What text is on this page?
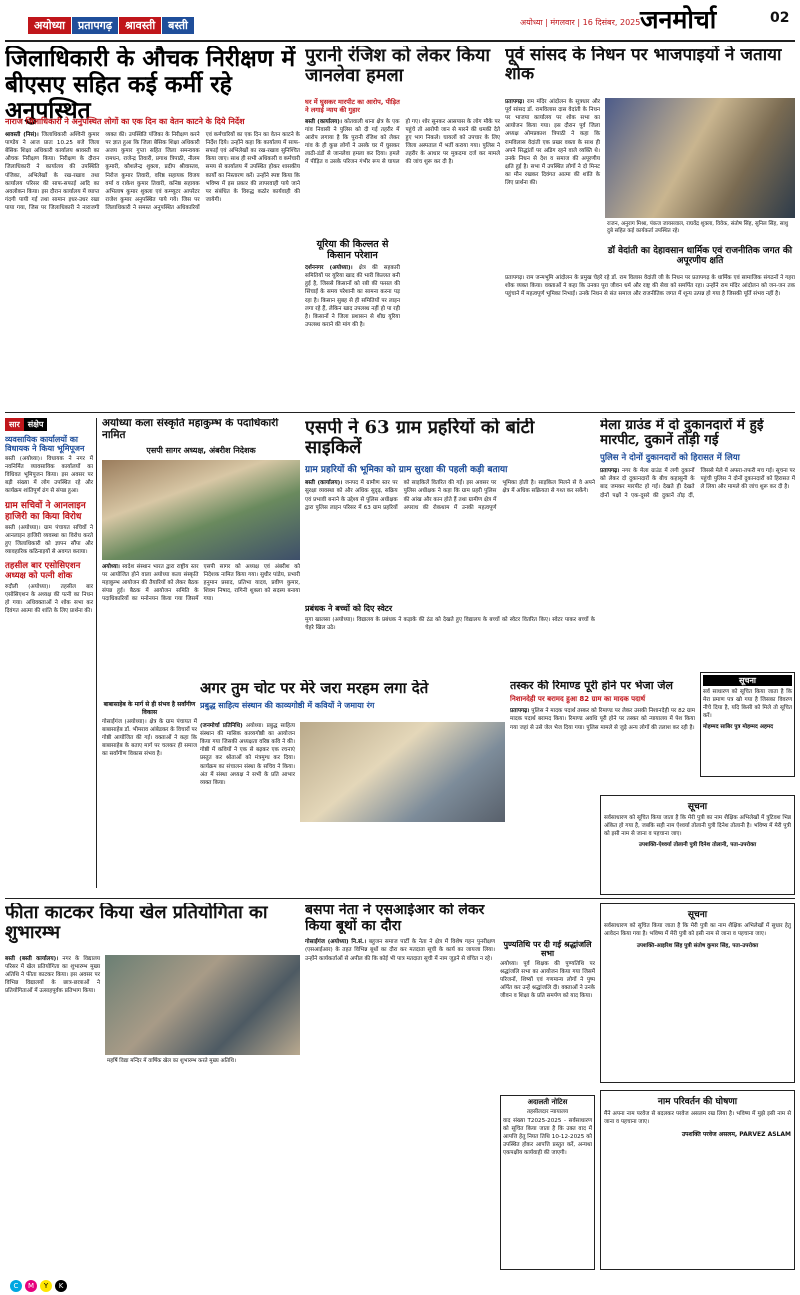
अयोध्या प्रतापगढ़ श्रावस्ती बस्ती	अयोध्या | मंगलवार | 16 दिसंबर, 2025 जनमोर्चा	02
जिलाधिकारी के औचक निरीक्षण में बीएसए सहित कई कर्मी रहे अनुपस्थित
नाराज जिलाधिकारी ने अनुपस्थित लोगों का एक दिन का वेतन काटने के दिये निर्देश
श्रावस्ती (निसं)। जिलाधिकारी अश्विनी कुमार पाण्डेय ने आज प्रातः 10.25 बजे जिला बेसिक शिक्षा अधिकारी कार्यालय श्रावस्ती का औचक निरीक्षण किया। निरीक्षण के दौरान जिलाधिकारी ने कार्यालय की उपस्थिति पंजिका, अभिलेखों के रख-रखाव तथा कार्यालय परिसर की साफ-सफाई आदि का अवलोकन किया। इस दौरान कार्यालय में व्याप्त गंदगी पायी गई तथा सामान इधर-उधर रखा पाया गया, जिस पर जिलाधिकारी ने नाराजगी व्यक्त की। उपस्थिति पंजिका के निरीक्षण करने पर ज्ञात हुआ कि जिला बेसिक शिक्षा अधिकारी अजय कुमार गुप्ता सहित जिला समन्वयक रामधन, राजेन्द्र तिवारी, प्रगाथ त्रिपाठी, नीलम कुमारी, कौशलेन्द्र शुक्ला, प्रदीप श्रीवास्तव, निरोज कुमार तिवारी, वरिष्ठ सहायक विजय वर्मा व राकेश कुमार तिवारी, कनिष्ठ सहायक अभिलाष कुमार शुक्ला एवं कम्प्यूटर आपरेटर राजेश कुमार अनुपस्थित पाये गये। जिस पर जिलाधिकारी ने समस्त अनुपस्थित अधिकारियों एवं कर्मचारियों का एक दिन का वेतन काटने के निर्देश दिये। उन्होंने कहा कि कार्यालय में साफ-सफाई एवं अभिलेखों का रख-रखाव सुनिश्चित किया जाए। साथ ही सभी अधिकारी व कर्मचारी समय से कार्यालय में उपस्थित होकर शासकीय कार्यों का निस्तारण करें। उन्होंने स्पष्ट किया कि भविष्य में इस प्रकार की लापरवाही पाये जाने पर संबंधित के विरुद्ध कठोर कार्यवाही की जायेगी।
पुरानी रंजिश को लेकर किया जानलेवा हमला
घर में घुसकर मारपीट का आरोप, पीड़ित ने लगाई न्याय की गुहार
बस्ती (कार्यालय)। कोतवाली थाना क्षेत्र के एक गांव निवासी ने पुलिस को दी गई तहरीर में आरोप लगाया है कि पुरानी रंजिश को लेकर गांव के ही कुछ लोगों ने उसके घर में घुसकर लाठी-डंडों से जानलेवा हमला कर दिया। हमले में पीड़ित व उसके परिजन गंभीर रूप से घायल हो गए। शोर सुनकर आसपास के लोग मौके पर पहुंचे तो आरोपी जान से मारने की धमकी देते हुए भाग निकले। घायलों को उपचार के लिए जिला अस्पताल में भर्ती कराया गया। पुलिस ने तहरीर के आधार पर मुकदमा दर्ज कर मामले की जांच शुरू कर दी है।
यूरिया की किल्लत से किसान परेशान
दर्शननगर (अयोध्या)। क्षेत्र की सहकारी समितियों पर यूरिया खाद की भारी किल्लत बनी हुई है, जिससे किसानों को रबी की फसल की सिंचाई के समय परेशानी का सामना करना पड़ रहा है। किसान सुबह से ही समितियों पर लाइन लगा रहे हैं, लेकिन खाद उपलब्ध नहीं हो पा रही है। किसानों ने जिला प्रशासन से शीघ्र यूरिया उपलब्ध कराने की मांग की है।
पूर्व सांसद के निधन पर भाजपाइयों ने जताया शोक
प्रतापगढ़। राम मंदिर आंदोलन के सूत्रधार और पूर्व सांसद डॉ. रामविलास दास वेदांती के निधन पर भाजपा कार्यालय पर शोक सभा का आयोजन किया गया। इस दौरान पूर्व जिला अध्यक्ष ओमप्रकाश त्रिपाठी ने कहा कि रामविलास वेदांती एक प्रखर वक्ता के साथ ही अपने सिद्धांतों पर अडिग रहने वाले व्यक्ति थे। उनके निधन से देश व समाज की अपूरणीय क्षति हुई है। सभा में उपस्थित लोगों ने दो मिनट का मौन रखकर दिवंगत आत्मा की शांति के लिए प्रार्थना की।
राजन, अनुराग मिश्रा, पंकज जायसवाल, राघवेंद्र शुक्ला, विवेक, संतोष सिंह, सुनिल सिंह, साधु दुबे सहित कई कार्यकर्ता उपस्थित रहे।
डॉ वेदांती का देहावसान धार्मिक एवं राजनीतिक जगत की अपूरणीय क्षति
प्रतापगढ़। राम जन्मभूमि आंदोलन के प्रमुख चेहरे रहे डॉ. राम विलास वेदांती जी के निधन पर प्रतापगढ़ के धार्मिक एवं सामाजिक संगठनों ने गहरा शोक व्यक्त किया। वक्ताओं ने कहा कि उनका पूरा जीवन धर्म और राष्ट्र की सेवा को समर्पित रहा। उन्होंने राम मंदिर आंदोलन को जन-जन तक पहुंचाने में महत्वपूर्ण भूमिका निभाई। उनके निधन से संत समाज और राजनीतिक जगत में शून्य उत्पन्न हो गया है जिसकी पूर्ति संभव नहीं है।
सार	संक्षेप
व्यवसायिक कार्यालयों का विधायक ने किया भूमिपूजन
बस्ती (अयोध्या)। विधायक ने नगर में नवनिर्मित व्यावसायिक कार्यालयों का विधिवत भूमिपूजन किया। इस अवसर पर बड़ी संख्या में लोग उपस्थित रहे और कार्यक्रम शांतिपूर्ण ढंग से संपन्न हुआ।
ग्राम सचिवों ने आनलाइन हाजिरी का किया विरोध
बस्ती (अयोध्या)। ग्राम पंचायत सचिवों ने आनलाइन हाजिरी व्यवस्था का विरोध करते हुए जिलाधिकारी को ज्ञापन सौंपा और व्यावहारिक कठिनाइयों से अवगत कराया।
तहसील बार एसोसिएशन अध्यक्ष को पत्नी शोक
रुदौली (अयोध्या)। तहसील बार एसोसिएशन के अध्यक्ष की पत्नी का निधन हो गया। अधिवक्ताओं ने शोक सभा कर दिवंगत आत्मा की शांति के लिए प्रार्थना की।
अयोध्या कला संस्कृति महाकुम्भ के पदाधिकारी नामित
एसपी सागर अध्यक्ष, अंबरीश निदेशक
अयोध्या। स्वदेश संस्थान भारत द्वारा राष्ट्रीय स्तर पर आयोजित होने वाला अयोध्या कला संस्कृति महाकुम्भ आयोजन की तैयारियों को लेकर बैठक संपन्न हुई। बैठक में आयोजन समिति के पदाधिकारियों का मनोनयन किया गया जिसमें एसपी सागर को अध्यक्ष एवं अंबरीश को निदेशक नामित किया गया। सुधीर पांडेय, प्रभारी हनुमान प्रसाद, प्रतिभा यादव, प्रवीण कुमार, शिवम निषाद, रागिनी शुक्ला को सदस्य बनाया गया।
बाबासाहेब के मार्ग से ही संभव है सर्वांगीण विकास
गोसाईंगंज (अयोध्या)। क्षेत्र के ग्राम पंचायत में बाबासाहेब डॉ. भीमराव आंबेडकर के विचारों पर गोष्ठी आयोजित की गई। वक्ताओं ने कहा कि बाबासाहेब के बताए मार्ग पर चलकर ही समाज का सर्वांगीण विकास संभव है।
एसपी ने 63 ग्राम प्रहरियों को बांटी साइकिलें
ग्राम प्रहरियों की भूमिका को ग्राम सुरक्षा की पहली कड़ी बताया
बस्ती (कार्यालय)। जनपद में ग्रामीण स्तर पर सुरक्षा व्यवस्था को और अधिक सुदृढ़, सक्रिय एवं प्रभावी बनाने के उद्देश्य से पुलिस अधीक्षक द्वारा पुलिस लाइन परिसर में 63 ग्राम प्रहरियों को साइकिलें वितरित की गईं। इस अवसर पर पुलिस अधीक्षक ने कहा कि ग्राम प्रहरी पुलिस की आंख और कान होते हैं तथा ग्रामीण क्षेत्र में अपराध की रोकथाम में उनकी महत्वपूर्ण भूमिका होती है। साइकिल मिलने से वे अपने क्षेत्र में अधिक सक्रियता से गश्त कर सकेंगे।
प्रबंधक ने बच्चों को दिए स्वेटर
मुगा खालसा (अयोध्या)। विद्यालय के प्रबंधक ने कड़ाके की ठंड को देखते हुए विद्यालय के बच्चों को स्वेटर वितरित किए। स्वेटर पाकर बच्चों के चेहरे खिल उठे।
मेला ग्राउंड में दो दुकानदारों में हुई मारपीट, दुकानें तोड़ी गई
पुलिस ने दोनों दुकानदारों को हिरासत में लिया
प्रतापगढ़। नगर के मेला ग्राउंड में लगी दुकानों को लेकर दो दुकानदारों के बीच कहासुनी के बाद जमकर मारपीट हो गई। देखते ही देखते दोनों पक्षों ने एक-दूसरे की दुकानें तोड़ दीं, जिससे मेले में अफरा-तफरी मच गई। सूचना पर पहुंची पुलिस ने दोनों दुकानदारों को हिरासत में ले लिया और मामले की जांच शुरू कर दी है।
सूचना
सर्व साधारण को सूचित किया जाता है कि मेरा प्रमाण पत्र खो गया है जिसका विवरण नीचे दिया है, यदि किसी को मिले तो सूचित करें।
मोहम्मद साबिर पुत्र मोहम्मद अहमद
अगर तुम चोट पर मेरे जरा मरहम लगा देते
प्रबुद्ध साहित्य संस्थान की काव्यगोष्ठी में कवियों ने जमाया रंग
(जनमोर्चा प्रतिनिधि) अयोध्या। प्रबुद्ध साहित्य संस्थान की मासिक काव्यगोष्ठी का आयोजन किया गया जिसकी अध्यक्षता वरिष्ठ कवि ने की। गोष्ठी में कवियों ने एक से बढ़कर एक रचनाएं प्रस्तुत कर श्रोताओं को मंत्रमुग्ध कर दिया। कार्यक्रम का संचालन संस्था के सचिव ने किया। अंत में संस्था अध्यक्ष ने सभी के प्रति आभार व्यक्त किया।
तस्कर की रिमाण्ड पूरी होने पर भेजा जेल
निशानदेही पर बरामद हुआ 82 ग्राम का मादक पदार्थ
प्रतापगढ़। पुलिस ने मादक पदार्थ तस्कर को रिमाण्ड पर लेकर उसकी निशानदेही पर 82 ग्राम मादक पदार्थ बरामद किया। रिमाण्ड अवधि पूरी होने पर तस्कर को न्यायालय में पेश किया गया जहां से उसे जेल भेज दिया गया। पुलिस मामले से जुड़े अन्य लोगों की तलाश कर रही है।
सूचना
सर्वसाधारण को सूचित किया जाता है कि मेरी पुत्री का नाम शैक्षिक अभिलेखों में त्रुटिवश भिन्न अंकित हो गया है, जबकि सही नाम ऐश्वर्या तोलानी पुत्री दिनेश तोलानी है। भविष्य में मेरी पुत्री को इसी नाम से जाना व पहचाना जाए।
उपशक्ति-ऐश्वर्या तोलानी पुत्री दिनेश तोलानी, पता-उपरोक्त
फीता काटकर किया खेल प्रतियोगिता का शुभारम्भ
बस्ती (बस्ती कार्यालय)। नगर के विद्यालय परिसर में खेल प्रतियोगिता का शुभारम्भ मुख्य अतिथि ने फीता काटकर किया। इस अवसर पर विभिन्न विद्यालयों के छात्र-छात्राओं ने प्रतियोगिताओं में उत्साहपूर्वक प्रतिभाग किया।
महर्षि विद्या मन्दिर में वार्षिक खेल का शुभारम्भ करते मुख्य अतिथि।
बसपा नेता ने एसआईआर को लेकर किया बूथों का दौरा
गोसाईंगंज (अयोध्या) नि.सं.। बहुजन समाज पार्टी के नेता ने क्षेत्र में विशेष गहन पुनरीक्षण (एसआईआर) के तहत विभिन्न बूथों का दौरा कर मतदाता सूची के कार्य का जायजा लिया। उन्होंने कार्यकर्ताओं से अपील की कि कोई भी पात्र मतदाता सूची में नाम जुड़ने से वंचित न रहे।
पुण्यतिथि पर दी गई श्रद्धांजलि सभा
अयोध्या। पूर्व शिक्षक की पुण्यतिथि पर श्रद्धांजलि सभा का आयोजन किया गया जिसमें परिजनों, शिष्यों एवं गणमान्य लोगों ने पुष्प अर्पित कर उन्हें श्रद्धांजलि दी। वक्ताओं ने उनके जीवन व शिक्षा के प्रति समर्पण को याद किया।
अदालती नोटिस
तहसीलदार न्यायालय
वाद संख्या T2025-2025 - सर्वसाधारण को सूचित किया जाता है कि उक्त वाद में आपत्ति हेतु नियत तिथि 10-12-2025 को उपस्थित होकर आपत्ति प्रस्तुत करें, अन्यथा एकपक्षीय कार्यवाही की जाएगी।
सूचना
सर्वसाधारण को सूचित किया जाता है कि मेरी पुत्री का नाम शैक्षिक अभिलेखों में सुधार हेतु आवेदन किया गया है। भविष्य में मेरी पुत्री को इसी नाम से जाना व पहचाना जाए।
उपशक्ति-आइरिश सिंह पुत्री संतोष कुमार सिंह, पता-उपरोक्त
नाम परिवर्तन की घोषणा
मैंने अपना नाम परवेज से बदलकर परवेज असलम रख लिया है। भविष्य में मुझे इसी नाम से जाना व पहचाना जाए।
उपशक्ति परवेज असलम, PARVEZ ASLAM
C	M	Y	K
